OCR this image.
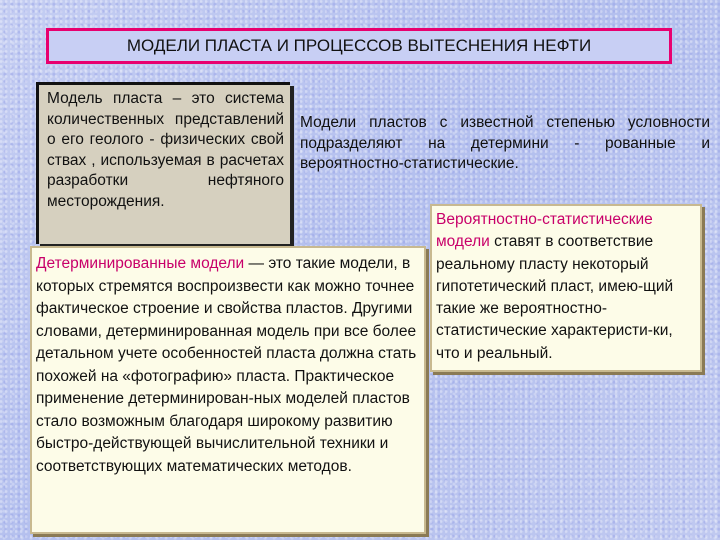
МОДЕЛИ ПЛАСТА И ПРОЦЕССОВ ВЫТЕСНЕНИЯ НЕФТИ
Модель пласта – это система количественных представлений о его геолого - физических свой ствах , используемая в расчетах разработки нефтяного месторождения.
Модели пластов с известной степенью условности подразделяют на детермини - рованные и вероятностно-статистические.
Детерминированные модели — это такие модели, в которых стремятся воспроизвести как можно точнее фактическое строение и свойства пластов. Другими словами, детерминированная модель при все более детальном учете особенностей пласта должна стать похожей на «фотографию» пласта. Практическое применение детерминирован-ных моделей пластов стало возможным благодаря широкому развитию быстро-действующей вычислительной техники и соответствующих математических методов.
Вероятностно-статистические модели ставят в соответствие реальному пласту некоторый гипотетический пласт, имею-щий такие же вероятностно-статистические характеристи-ки, что и реальный.
